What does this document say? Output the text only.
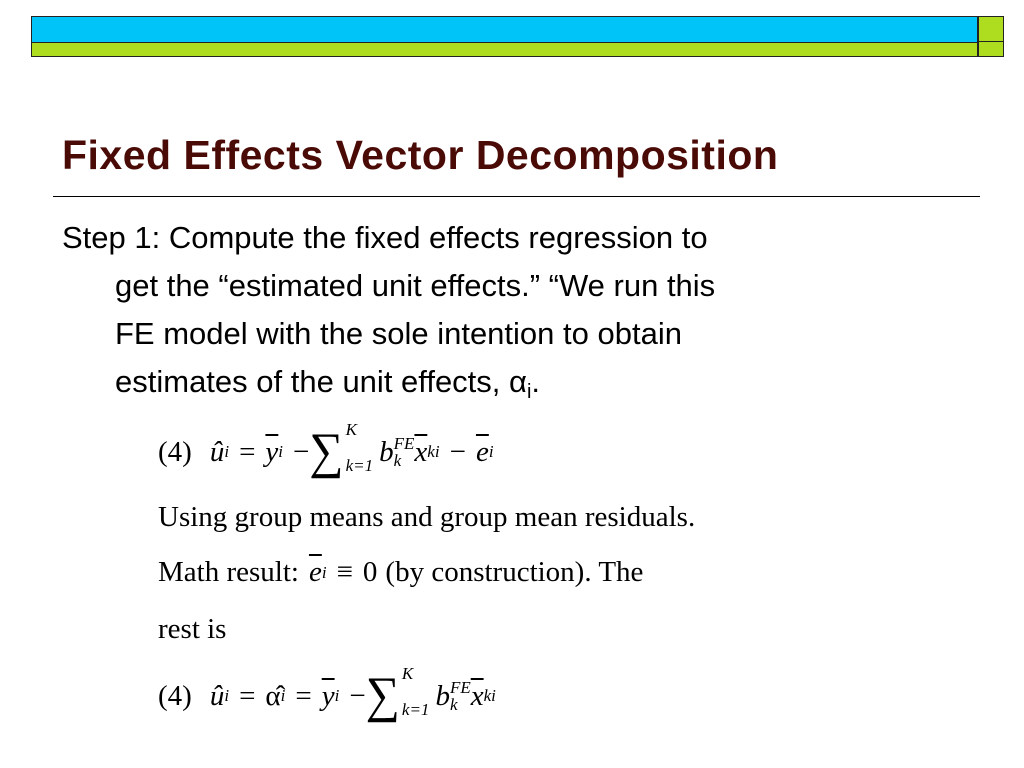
Fixed Effects Vector Decomposition
Step 1: Compute the fixed effects regression to
get the “estimated unit effects.” “We run this
FE model with the sole intention to obtain
estimates of the unit effects, $\alpha_i$.
(4) û $i = \overline{y}$ i − ∑ K
k=1 b FE
k $\overline{x}$ ki − $\overline{e}$ i
Using group means and group mean residuals.
Math result: $\overline{e}$ i ≡ 0 (by construction). The
rest is
(4) û i = α̂ $i = \overline{y}$ i − ∑ K
k=1 b FE
k $\overline{x}$ ki
